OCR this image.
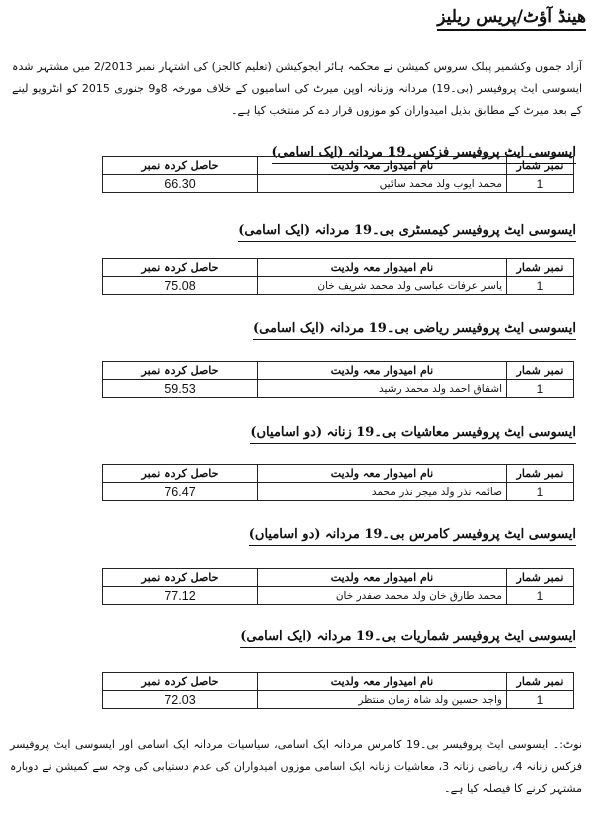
ھینڈ آؤٹ/پریس ریلیز

آزاد جموں وکشمیر پبلک سروس کمیشن نے محکمہ ہائر ایجوکیشن (تعلیم کالجز) کی اشتہار نمبر 2/2013 میں مشتہر شدہ ایسوسی ایٹ پروفیسر (بی۔19) مردانہ وزنانہ اوپن میرٹ کی اسامیوں کے خلاف مورخہ 8و9 جنوری 2015 کو انٹرویو لینے کے بعد میرٹ کے مطابق بذیل امیدواران کو موزوں قرار دے کر منتخب کیا ہے۔

ایسوسی ایٹ پروفیسر فزکس۔19 مردانہ (ایک اسامی)
نمبر شمار	نام امیدوار معہ ولدیت	حاصل کردہ نمبر
1	محمد ایوب ولد محمد سائیں	66.30
ایسوسی ایٹ پروفیسر کیمسٹری بی۔19 مردانہ (ایک اسامی)
نمبر شمار	نام امیدوار معہ ولدیت	حاصل کردہ نمبر
1	یاسر عرفات عباسی ولد محمد شریف خان	75.08
ایسوسی ایٹ پروفیسر ریاضی بی۔19 مردانہ (ایک اسامی)
نمبر شمار	نام امیدوار معہ ولدیت	حاصل کردہ نمبر
1	اشفاق احمد ولد محمد رشید	59.53
ایسوسی ایٹ پروفیسر معاشیات بی۔19 زنانہ (دو اسامیاں)
نمبر شمار	نام امیدوار معہ ولدیت	حاصل کردہ نمبر
1	صائمہ نذر ولد میجر نذر محمد	76.47
ایسوسی ایٹ پروفیسر کامرس بی۔19 مردانہ (دو اسامیاں)
نمبر شمار	نام امیدوار معہ ولدیت	حاصل کردہ نمبر
1	محمد طارق خان ولد محمد صفدر خان	77.12
ایسوسی ایٹ پروفیسر شماریات بی۔19 مردانہ (ایک اسامی)
نمبر شمار	نام امیدوار معہ ولدیت	حاصل کردہ نمبر
1	واجد حسین ولد شاہ زمان منتظر	72.03

نوٹ:۔ ایسوسی ایٹ پروفیسر بی۔19 کامرس مردانہ ایک اسامی، سیاسیات مردانہ ایک اسامی اور ایسوسی ایٹ پروفیسر فزکس زنانہ 4، ریاضی زنانہ 3، معاشیات زنانہ ایک اسامی موزوں امیدواران کی عدم دستیابی کی وجہ سے کمیشن نے دوبارہ مشتہر کرنے کا فیصلہ کیا ہے۔
